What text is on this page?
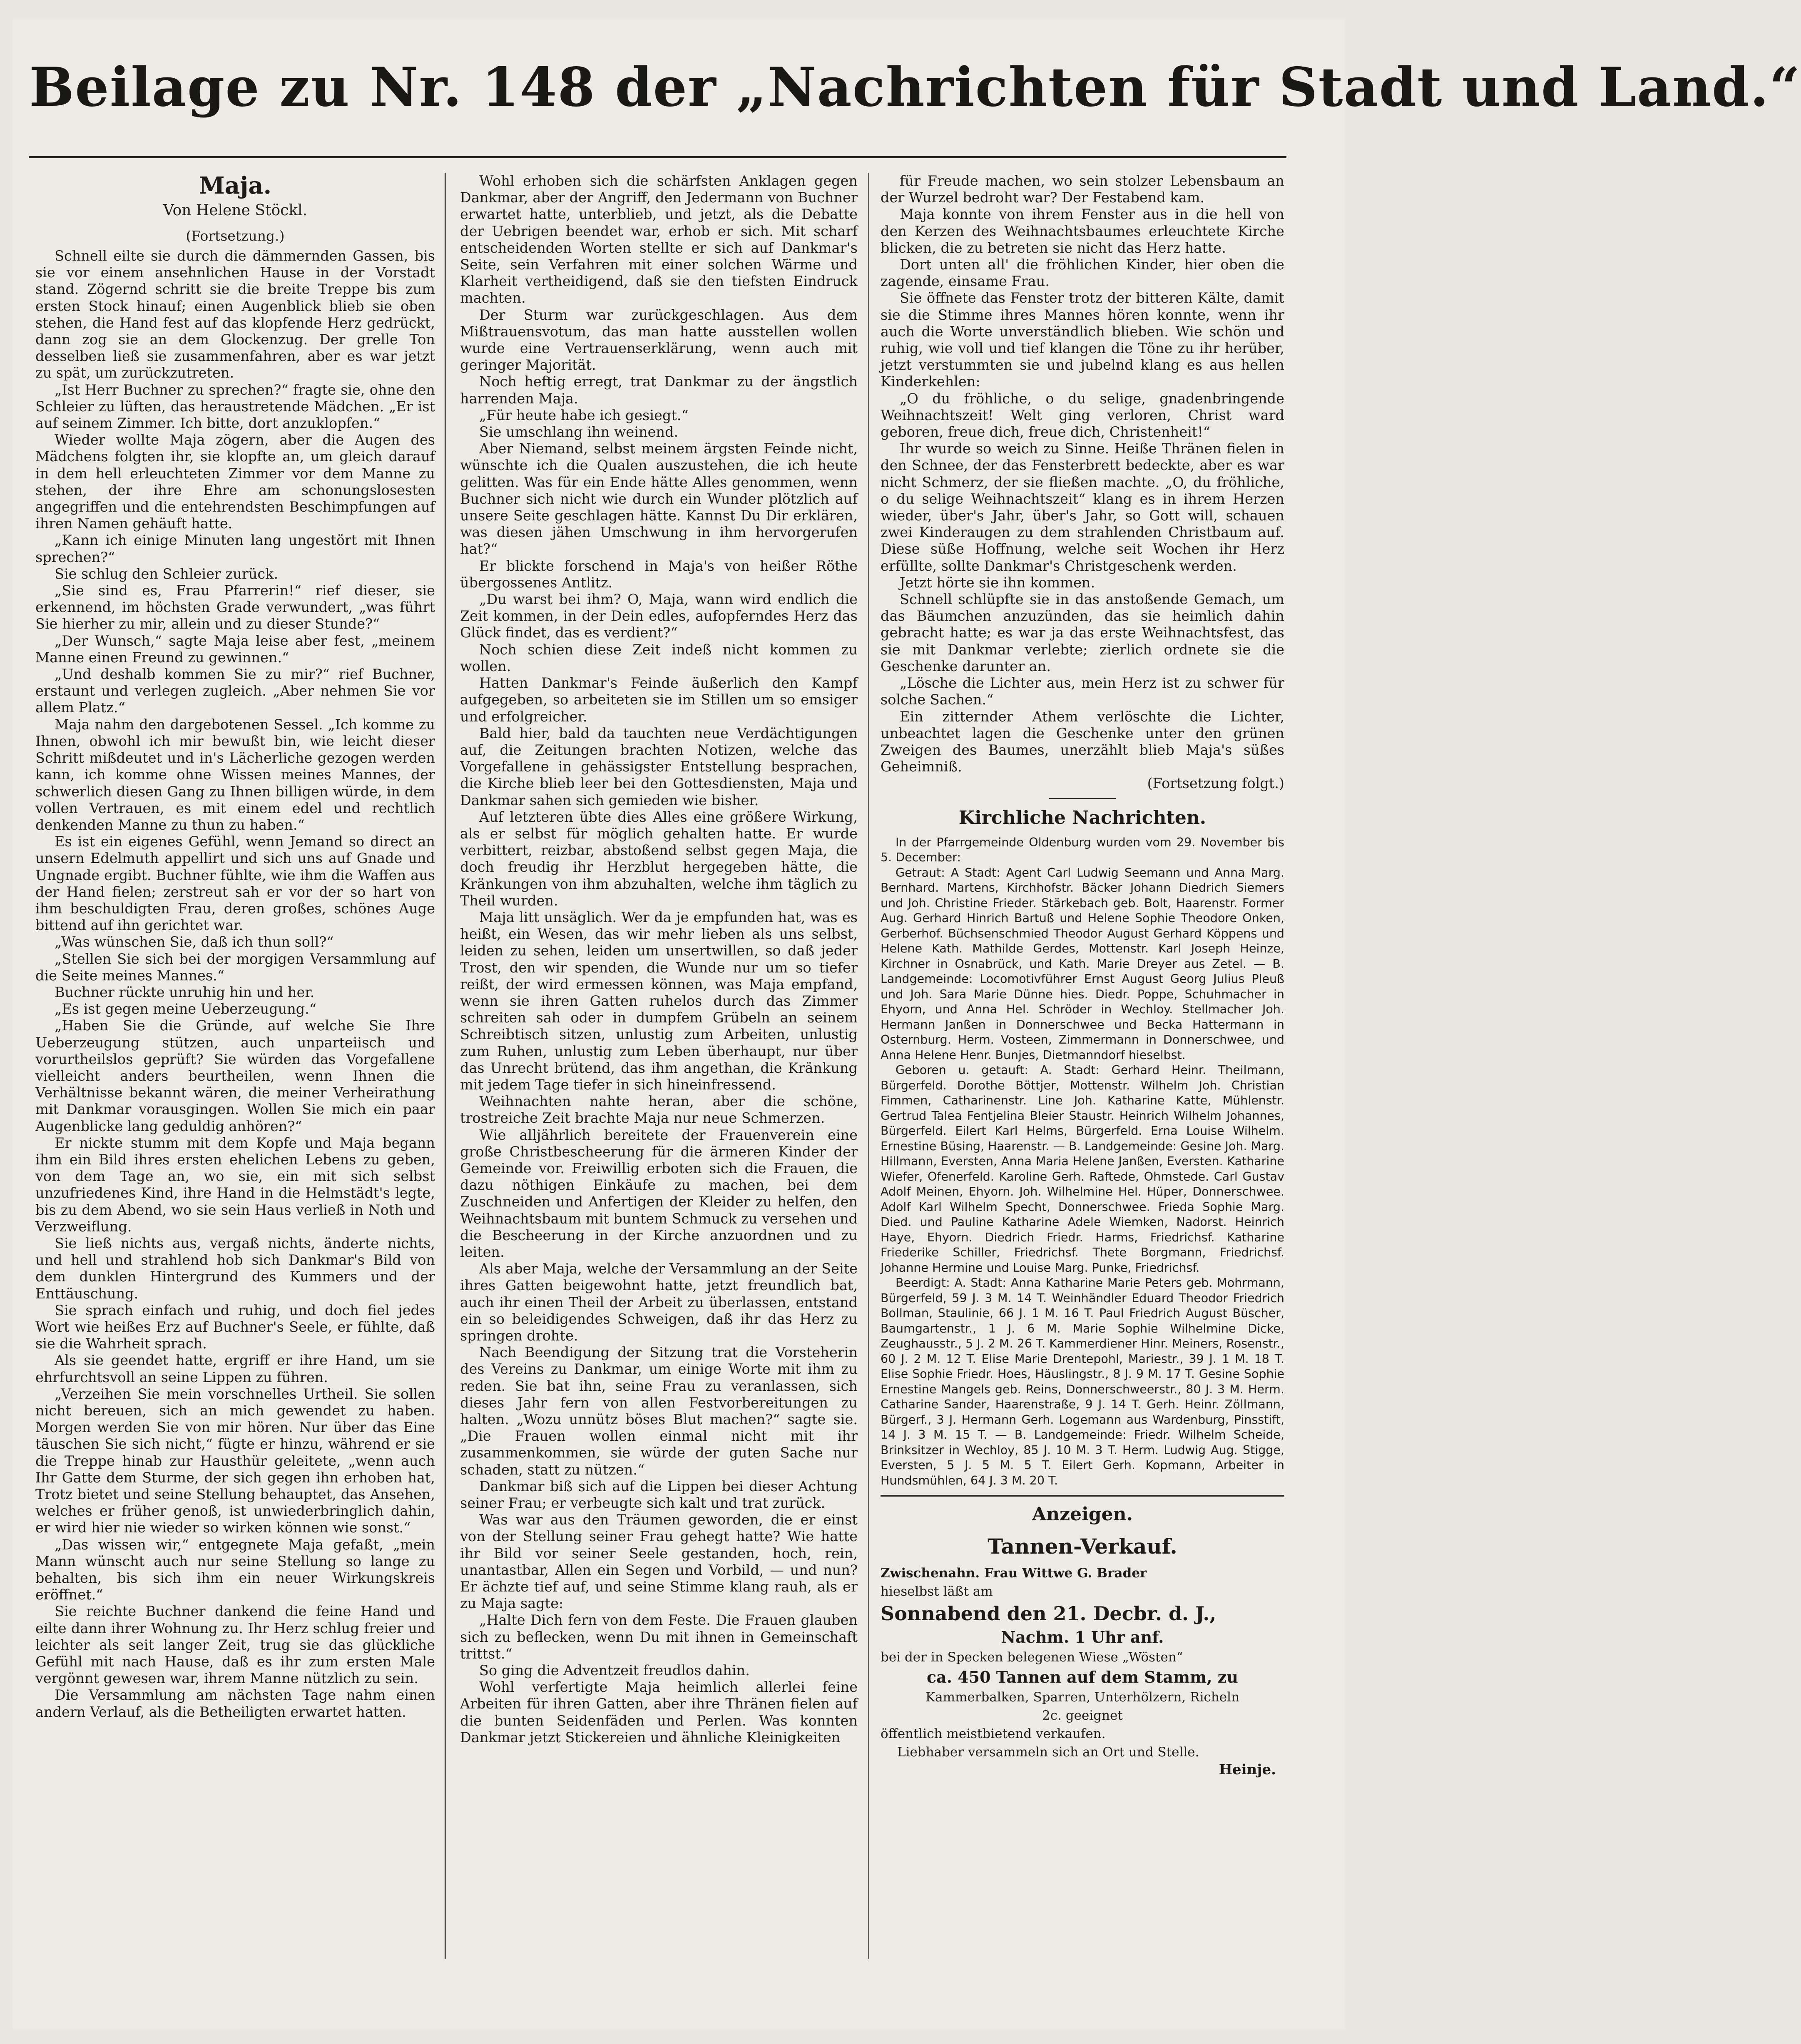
Beilage zu Nr. 148 der „Nachrichten für Stadt und Land.“
Maja.
Von Helene Stöckl.
(Fortsetzung.)

Schnell eilte sie durch die dämmernden Gassen, bis sie vor einem ansehnlichen Hause in der Vorstadt stand. Zögernd schritt sie die breite Treppe bis zum ersten Stock hinauf; einen Augenblick blieb sie oben stehen, die Hand fest auf das klopfende Herz gedrückt, dann zog sie an dem Glockenzug. Der grelle Ton desselben ließ sie zusammenfahren, aber es war jetzt zu spät, um zurückzutreten.

„Ist Herr Buchner zu sprechen?“ fragte sie, ohne den Schleier zu lüften, das heraustretende Mädchen. „Er ist auf seinem Zimmer. Ich bitte, dort anzuklopfen.“

Wieder wollte Maja zögern, aber die Augen des Mädchens folgten ihr, sie klopfte an, um gleich darauf in dem hell erleuchteten Zimmer vor dem Manne zu stehen, der ihre Ehre am schonungslosesten angegriffen und die entehrendsten Beschimpfungen auf ihren Namen gehäuft hatte.

„Kann ich einige Minuten lang ungestört mit Ihnen sprechen?“

Sie schlug den Schleier zurück.

„Sie sind es, Frau Pfarrerin!“ rief dieser, sie erkennend, im höchsten Grade verwundert, „was führt Sie hierher zu mir, allein und zu dieser Stunde?“

„Der Wunsch,“ sagte Maja leise aber fest, „meinem Manne einen Freund zu gewinnen.“

„Und deshalb kommen Sie zu mir?“ rief Buchner, erstaunt und verlegen zugleich. „Aber nehmen Sie vor allem Platz.“

Maja nahm den dargebotenen Sessel. „Ich komme zu Ihnen, obwohl ich mir bewußt bin, wie leicht dieser Schritt mißdeutet und in's Lächerliche gezogen werden kann, ich komme ohne Wissen meines Mannes, der schwerlich diesen Gang zu Ihnen billigen würde, in dem vollen Vertrauen, es mit einem edel und rechtlich denkenden Manne zu thun zu haben.“

Es ist ein eigenes Gefühl, wenn Jemand so direct an unsern Edelmuth appellirt und sich uns auf Gnade und Ungnade ergibt. Buchner fühlte, wie ihm die Waffen aus der Hand fielen; zerstreut sah er vor der so hart von ihm beschuldigten Frau, deren großes, schönes Auge bittend auf ihn gerichtet war.

„Was wünschen Sie, daß ich thun soll?“

„Stellen Sie sich bei der morgigen Versammlung auf die Seite meines Mannes.“

Buchner rückte unruhig hin und her.

„Es ist gegen meine Ueberzeugung.“

„Haben Sie die Gründe, auf welche Sie Ihre Ueberzeugung stützen, auch unparteiisch und vorurtheilslos geprüft? Sie würden das Vorgefallene vielleicht anders beurtheilen, wenn Ihnen die Verhältnisse bekannt wären, die meiner Verheirathung mit Dankmar vorausgingen. Wollen Sie mich ein paar Augenblicke lang geduldig anhören?“

Er nickte stumm mit dem Kopfe und Maja begann ihm ein Bild ihres ersten ehelichen Lebens zu geben, von dem Tage an, wo sie, ein mit sich selbst unzufriedenes Kind, ihre Hand in die Helmstädt's legte, bis zu dem Abend, wo sie sein Haus verließ in Noth und Verzweiflung.

Sie ließ nichts aus, vergaß nichts, änderte nichts, und hell und strahlend hob sich Dankmar's Bild von dem dunklen Hintergrund des Kummers und der Enttäuschung.

Sie sprach einfach und ruhig, und doch fiel jedes Wort wie heißes Erz auf Buchner's Seele, er fühlte, daß sie die Wahrheit sprach.

Als sie geendet hatte, ergriff er ihre Hand, um sie ehrfurchtsvoll an seine Lippen zu führen.

„Verzeihen Sie mein vorschnelles Urtheil. Sie sollen nicht bereuen, sich an mich gewendet zu haben. Morgen werden Sie von mir hören. Nur über das Eine täuschen Sie sich nicht,“ fügte er hinzu, während er sie die Treppe hinab zur Hausthür geleitete, „wenn auch Ihr Gatte dem Sturme, der sich gegen ihn erhoben hat, Trotz bietet und seine Stellung behauptet, das Ansehen, welches er früher genoß, ist unwiederbringlich dahin, er wird hier nie wieder so wirken können wie sonst.“

„Das wissen wir,“ entgegnete Maja gefaßt, „mein Mann wünscht auch nur seine Stellung so lange zu behalten, bis sich ihm ein neuer Wirkungskreis eröffnet.“

Sie reichte Buchner dankend die feine Hand und eilte dann ihrer Wohnung zu. Ihr Herz schlug freier und leichter als seit langer Zeit, trug sie das glückliche Gefühl mit nach Hause, daß es ihr zum ersten Male vergönnt gewesen war, ihrem Manne nützlich zu sein.

Die Versammlung am nächsten Tage nahm einen andern Verlauf, als die Betheiligten erwartet hatten.

Wohl erhoben sich die schärfsten Anklagen gegen Dankmar, aber der Angriff, den Jedermann von Buchner erwartet hatte, unterblieb, und jetzt, als die Debatte der Uebrigen beendet war, erhob er sich. Mit scharf entscheidenden Worten stellte er sich auf Dankmar's Seite, sein Verfahren mit einer solchen Wärme und Klarheit vertheidigend, daß sie den tiefsten Eindruck machten.

Der Sturm war zurückgeschlagen. Aus dem Mißtrauensvotum, das man hatte ausstellen wollen wurde eine Vertrauenserklärung, wenn auch mit geringer Majorität.

Noch heftig erregt, trat Dankmar zu der ängstlich harrenden Maja.

„Für heute habe ich gesiegt.“

Sie umschlang ihn weinend.

Aber Niemand, selbst meinem ärgsten Feinde nicht, wünschte ich die Qualen auszustehen, die ich heute gelitten. Was für ein Ende hätte Alles genommen, wenn Buchner sich nicht wie durch ein Wunder plötzlich auf unsere Seite geschlagen hätte. Kannst Du Dir erklären, was diesen jähen Umschwung in ihm hervorgerufen hat?“

Er blickte forschend in Maja's von heißer Röthe übergossenes Antlitz.

„Du warst bei ihm? O, Maja, wann wird endlich die Zeit kommen, in der Dein edles, aufopferndes Herz das Glück findet, das es verdient?“

Noch schien diese Zeit indeß nicht kommen zu wollen.

Hatten Dankmar's Feinde äußerlich den Kampf aufgegeben, so arbeiteten sie im Stillen um so emsiger und erfolgreicher.

Bald hier, bald da tauchten neue Verdächtigungen auf, die Zeitungen brachten Notizen, welche das Vorgefallene in gehässigster Entstellung besprachen, die Kirche blieb leer bei den Gottesdiensten, Maja und Dankmar sahen sich gemieden wie bisher.

Auf letzteren übte dies Alles eine größere Wirkung, als er selbst für möglich gehalten hatte. Er wurde verbittert, reizbar, abstoßend selbst gegen Maja, die doch freudig ihr Herzblut hergegeben hätte, die Kränkungen von ihm abzuhalten, welche ihm täglich zu Theil wurden.

Maja litt unsäglich. Wer da je empfunden hat, was es heißt, ein Wesen, das wir mehr lieben als uns selbst, leiden zu sehen, leiden um unsertwillen, so daß jeder Trost, den wir spenden, die Wunde nur um so tiefer reißt, der wird ermessen können, was Maja empfand, wenn sie ihren Gatten ruhelos durch das Zimmer schreiten sah oder in dumpfem Grübeln an seinem Schreibtisch sitzen, unlustig zum Arbeiten, unlustig zum Ruhen, unlustig zum Leben überhaupt, nur über das Unrecht brütend, das ihm angethan, die Kränkung mit jedem Tage tiefer in sich hineinfressend.

Weihnachten nahte heran, aber die schöne, trostreiche Zeit brachte Maja nur neue Schmerzen.

Wie alljährlich bereitete der Frauenverein eine große Christbescheerung für die ärmeren Kinder der Gemeinde vor. Freiwillig erboten sich die Frauen, die dazu nöthigen Einkäufe zu machen, bei dem Zuschneiden und Anfertigen der Kleider zu helfen, den Weihnachtsbaum mit buntem Schmuck zu versehen und die Bescheerung in der Kirche anzuordnen und zu leiten.

Als aber Maja, welche der Versammlung an der Seite ihres Gatten beigewohnt hatte, jetzt freundlich bat, auch ihr einen Theil der Arbeit zu überlassen, entstand ein so beleidigendes Schweigen, daß ihr das Herz zu springen drohte.

Nach Beendigung der Sitzung trat die Vorsteherin des Vereins zu Dankmar, um einige Worte mit ihm zu reden. Sie bat ihn, seine Frau zu veranlassen, sich dieses Jahr fern von allen Festvorbereitungen zu halten. „Wozu unnütz böses Blut machen?“ sagte sie. „Die Frauen wollen einmal nicht mit ihr zusammenkommen, sie würde der guten Sache nur schaden, statt zu nützen.“

Dankmar biß sich auf die Lippen bei dieser Achtung seiner Frau; er verbeugte sich kalt und trat zurück.

Was war aus den Träumen geworden, die er einst von der Stellung seiner Frau gehegt hatte? Wie hatte ihr Bild vor seiner Seele gestanden, hoch, rein, unantastbar, Allen ein Segen und Vorbild, — und nun? Er ächzte tief auf, und seine Stimme klang rauh, als er zu Maja sagte:

„Halte Dich fern von dem Feste. Die Frauen glauben sich zu beflecken, wenn Du mit ihnen in Gemeinschaft trittst.“

So ging die Adventzeit freudlos dahin.

Wohl verfertigte Maja heimlich allerlei feine Arbeiten für ihren Gatten, aber ihre Thränen fielen auf die bunten Seidenfäden und Perlen. Was konnten Dankmar jetzt Stickereien und ähnliche Kleinigkeiten

für Freude machen, wo sein stolzer Lebensbaum an der Wurzel bedroht war? Der Festabend kam.

Maja konnte von ihrem Fenster aus in die hell von den Kerzen des Weihnachtsbaumes erleuchtete Kirche blicken, die zu betreten sie nicht das Herz hatte.

Dort unten all' die fröhlichen Kinder, hier oben die zagende, einsame Frau.

Sie öffnete das Fenster trotz der bitteren Kälte, damit sie die Stimme ihres Mannes hören konnte, wenn ihr auch die Worte unverständlich blieben. Wie schön und ruhig, wie voll und tief klangen die Töne zu ihr herüber, jetzt verstummten sie und jubelnd klang es aus hellen Kinderkehlen:

„O du fröhliche, o du selige, gnadenbringende Weihnachtszeit! Welt ging verloren, Christ ward geboren, freue dich, freue dich, Christenheit!“

Ihr wurde so weich zu Sinne. Heiße Thränen fielen in den Schnee, der das Fensterbrett bedeckte, aber es war nicht Schmerz, der sie fließen machte. „O, du fröhliche, o du selige Weihnachtszeit“ klang es in ihrem Herzen wieder, über's Jahr, über's Jahr, so Gott will, schauen zwei Kinderaugen zu dem strahlenden Christbaum auf. Diese süße Hoffnung, welche seit Wochen ihr Herz erfüllte, sollte Dankmar's Christgeschenk werden.

Jetzt hörte sie ihn kommen.

Schnell schlüpfte sie in das anstoßende Gemach, um das Bäumchen anzuzünden, das sie heimlich dahin gebracht hatte; es war ja das erste Weihnachtsfest, das sie mit Dankmar verlebte; zierlich ordnete sie die Geschenke darunter an.

„Lösche die Lichter aus, mein Herz ist zu schwer für solche Sachen.“

Ein zitternder Athem verlöschte die Lichter, unbeachtet lagen die Geschenke unter den grünen Zweigen des Baumes, unerzählt blieb Maja's süßes Geheimniß.

(Fortsetzung folgt.)
Kirchliche Nachrichten.

In der Pfarrgemeinde Oldenburg wurden vom 29. November bis 5. December:

Getraut: A Stadt: Agent Carl Ludwig Seemann und Anna Marg. Bernhard. Martens, Kirchhofstr. Bäcker Johann Diedrich Siemers und Joh. Christine Frieder. Stärkebach geb. Bolt, Haarenstr. Former Aug. Gerhard Hinrich Bartuß und Helene Sophie Theodore Onken, Gerberhof. Büchsenschmied Theodor August Gerhard Köppens und Helene Kath. Mathilde Gerdes, Mottenstr. Karl Joseph Heinze, Kirchner in Osnabrück, und Kath. Marie Dreyer aus Zetel. — B. Landgemeinde: Locomotivführer Ernst August Georg Julius Pleuß und Joh. Sara Marie Dünne hies. Diedr. Poppe, Schuhmacher in Ehyorn, und Anna Hel. Schröder in Wechloy. Stellmacher Joh. Hermann Janßen in Donnerschwee und Becka Hattermann in Osternburg. Herm. Vosteen, Zimmermann in Donnerschwee, und Anna Helene Henr. Bunjes, Dietmanndorf hieselbst.

Geboren u. getauft: A. Stadt: Gerhard Heinr. Theilmann, Bürgerfeld. Dorothe Böttjer, Mottenstr. Wilhelm Joh. Christian Fimmen, Catharinenstr. Line Joh. Katharine Katte, Mühlenstr. Gertrud Talea Fentjelina Bleier Staustr. Heinrich Wilhelm Johannes, Bürgerfeld. Eilert Karl Helms, Bürgerfeld. Erna Louise Wilhelm. Ernestine Büsing, Haarenstr. — B. Landgemeinde: Gesine Joh. Marg. Hillmann, Eversten, Anna Maria Helene Janßen, Eversten. Katharine Wiefer, Ofenerfeld. Karoline Gerh. Raftede, Ohmstede. Carl Gustav Adolf Meinen, Ehyorn. Joh. Wilhelmine Hel. Hüper, Donnerschwee. Adolf Karl Wilhelm Specht, Donnerschwee. Frieda Sophie Marg. Died. und Pauline Katharine Adele Wiemken, Nadorst. Heinrich Haye, Ehyorn. Diedrich Friedr. Harms, Friedrichsf. Katharine Friederike Schiller, Friedrichsf. Thete Borgmann, Friedrichsf. Johanne Hermine und Louise Marg. Punke, Friedrichsf.

Beerdigt: A. Stadt: Anna Katharine Marie Peters geb. Mohrmann, Bürgerfeld, 59 J. 3 M. 14 T. Weinhändler Eduard Theodor Friedrich Bollman, Staulinie, 66 J. 1 M. 16 T. Paul Friedrich August Büscher, Baumgartenstr., 1 J. 6 M. Marie Sophie Wilhelmine Dicke, Zeughausstr., 5 J. 2 M. 26 T. Kammerdiener Hinr. Meiners, Rosenstr., 60 J. 2 M. 12 T. Elise Marie Drentepohl, Mariestr., 39 J. 1 M. 18 T. Elise Sophie Friedr. Hoes, Häuslingstr., 8 J. 9 M. 17 T. Gesine Sophie Ernestine Mangels geb. Reins, Donnerschweerstr., 80 J. 3 M. Herm. Catharine Sander, Haarenstraße, 9 J. 14 T. Gerh. Heinr. Zöllmann, Bürgerf., 3 J. Hermann Gerh. Logemann aus Wardenburg, Pinsstift, 14 J. 3 M. 15 T. — B. Landgemeinde: Friedr. Wilhelm Scheide, Brinksitzer in Wechloy, 85 J. 10 M. 3 T. Herm. Ludwig Aug. Stigge, Eversten, 5 J. 5 M. 5 T. Eilert Gerh. Kopmann, Arbeiter in Hundsmühlen, 64 J. 3 M. 20 T.

Anzeigen.
Tannen-Verkauf.
Zwischenahn. Frau Wittwe G. Brader
hieselbst läßt am
Sonnabend den 21. Decbr. d. J.,
Nachm. 1 Uhr anf.
bei der in Specken belegenen Wiese „Wösten“
ca. 450 Tannen auf dem Stamm, zu
Kammerbalken, Sparren, Unterhölzern, Richeln
2c. geeignet
öffentlich meistbietend verkaufen.
Liebhaber versammeln sich an Ort und Stelle.
Heinje.
